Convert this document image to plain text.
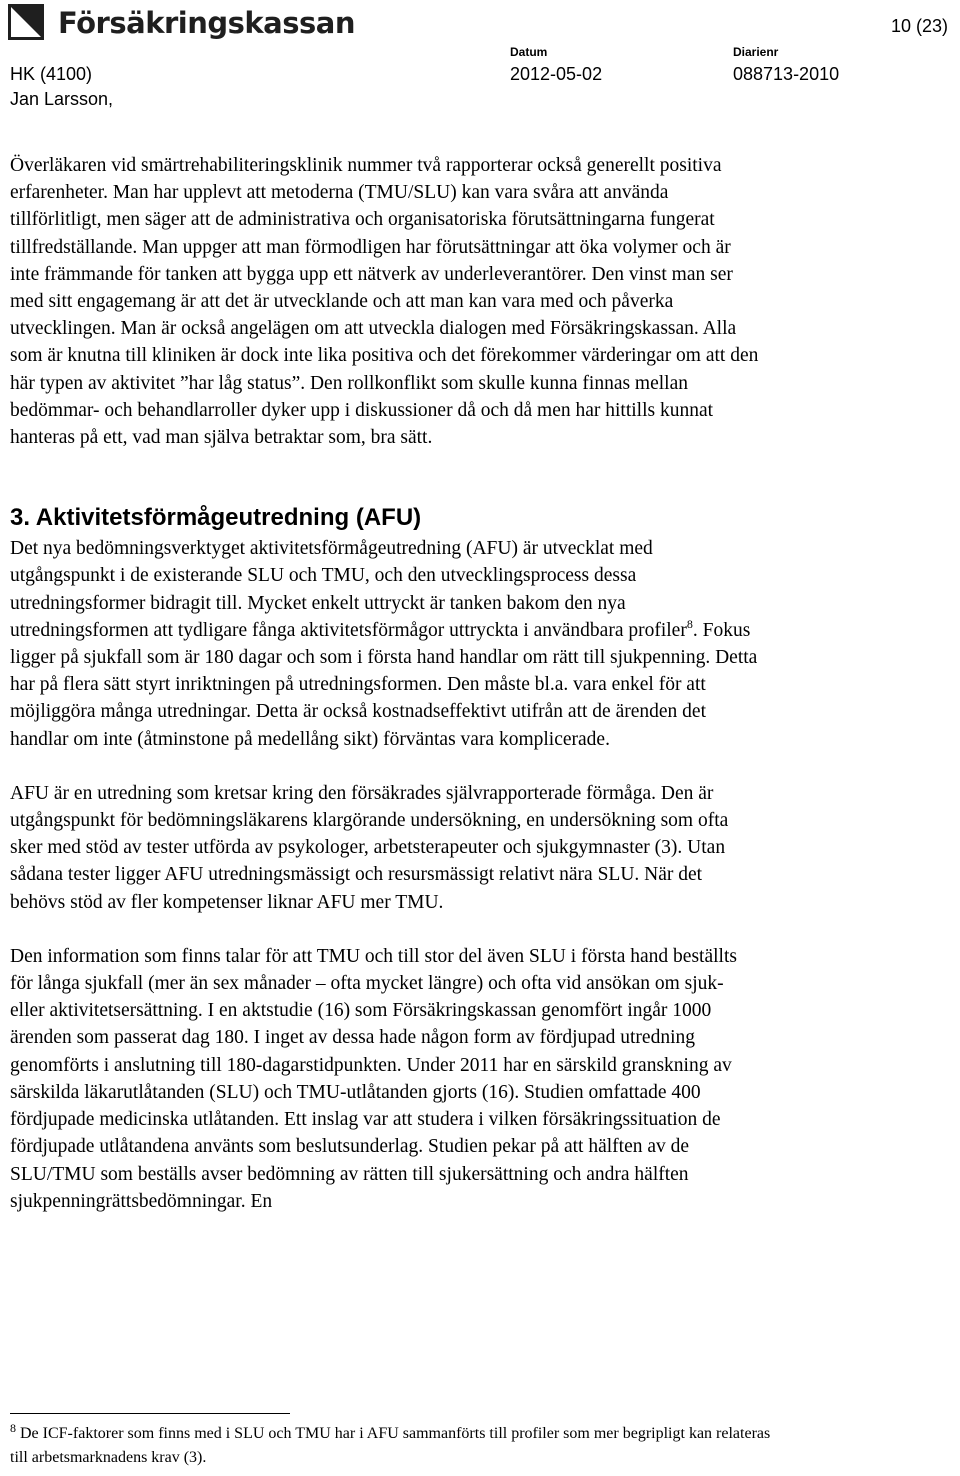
Försäkringskassan	10 (23)
HK (4100)
Jan Larsson,
Datum
2012-05-02
Diarienr
088713-2010

Överläkaren vid smärtrehabiliteringsklinik nummer två rapporterar också generellt positiva erfarenheter. Man har upplevt att metoderna (TMU/SLU) kan vara svåra att använda tillförlitligt, men säger att de administrativa och organisatoriska förutsättningarna fungerat tillfredställande. Man uppger att man förmodligen har förutsättningar att öka volymer och är inte främmande för tanken att bygga upp ett nätverk av underleverantörer. Den vinst man ser med sitt engagemang är att det är utvecklande och att man kan vara med och påverka utvecklingen. Man är också angelägen om att utveckla dialogen med Försäkringskassan. Alla som är knutna till kliniken är dock inte lika positiva och det förekommer värderingar om att den här typen av aktivitet ”har låg status”. Den rollkonflikt som skulle kunna finnas mellan bedömmar- och behandlarroller dyker upp i diskussioner då och då men har hittills kunnat hanteras på ett, vad man själva betraktar som, bra sätt.

3. Aktivitetsförmågeutredning (AFU)

Det nya bedömningsverktyget aktivitetsförmågeutredning (AFU) är utvecklat med utgångspunkt i de existerande SLU och TMU, och den utvecklingsprocess dessa utredningsformer bidragit till. Mycket enkelt uttryckt är tanken bakom den nya utredningsformen att tydligare fånga aktivitetsförmågor uttryckta i användbara profiler$^8$. Fokus ligger på sjukfall som är 180 dagar och som i första hand handlar om rätt till sjukpenning. Detta har på flera sätt styrt inriktningen på utredningsformen. Den måste bl.a. vara enkel för att möjliggöra många utredningar. Detta är också kostnadseffektivt utifrån att de ärenden det handlar om inte (åtminstone på medellång sikt) förväntas vara komplicerade.

AFU är en utredning som kretsar kring den försäkrades självrapporterade förmåga. Den är utgångspunkt för bedömningsläkarens klargörande undersökning, en undersökning som ofta sker med stöd av tester utförda av psykologer, arbetsterapeuter och sjukgymnaster (3). Utan sådana tester ligger AFU utredningsmässigt och resursmässigt relativt nära SLU. När det behövs stöd av fler kompetenser liknar AFU mer TMU.

Den information som finns talar för att TMU och till stor del även SLU i första hand beställts för långa sjukfall (mer än sex månader – ofta mycket längre) och ofta vid ansökan om sjuk- eller aktivitetsersättning. I en aktstudie (16) som Försäkringskassan genomfört ingår 1000 ärenden som passerat dag 180. I inget av dessa hade någon form av fördjupad utredning genomförts i anslutning till 180-dagarstidpunkten. Under 2011 har en särskild granskning av särskilda läkarutlåtanden (SLU) och TMU-utlåtanden gjorts (16). Studien omfattade 400 fördjupade medicinska utlåtanden. Ett inslag var att studera i vilken försäkringssituation de fördjupade utlåtandena använts som beslutsunderlag. Studien pekar på att hälften av de SLU/TMU som beställs avser bedömning av rätten till sjukersättning och andra hälften sjukpenningrättsbedömningar. En

$^8$ De ICF-faktorer som finns med i SLU och TMU har i AFU sammanförts till profiler som mer begripligt kan relateras till arbetsmarknadens krav (3).
